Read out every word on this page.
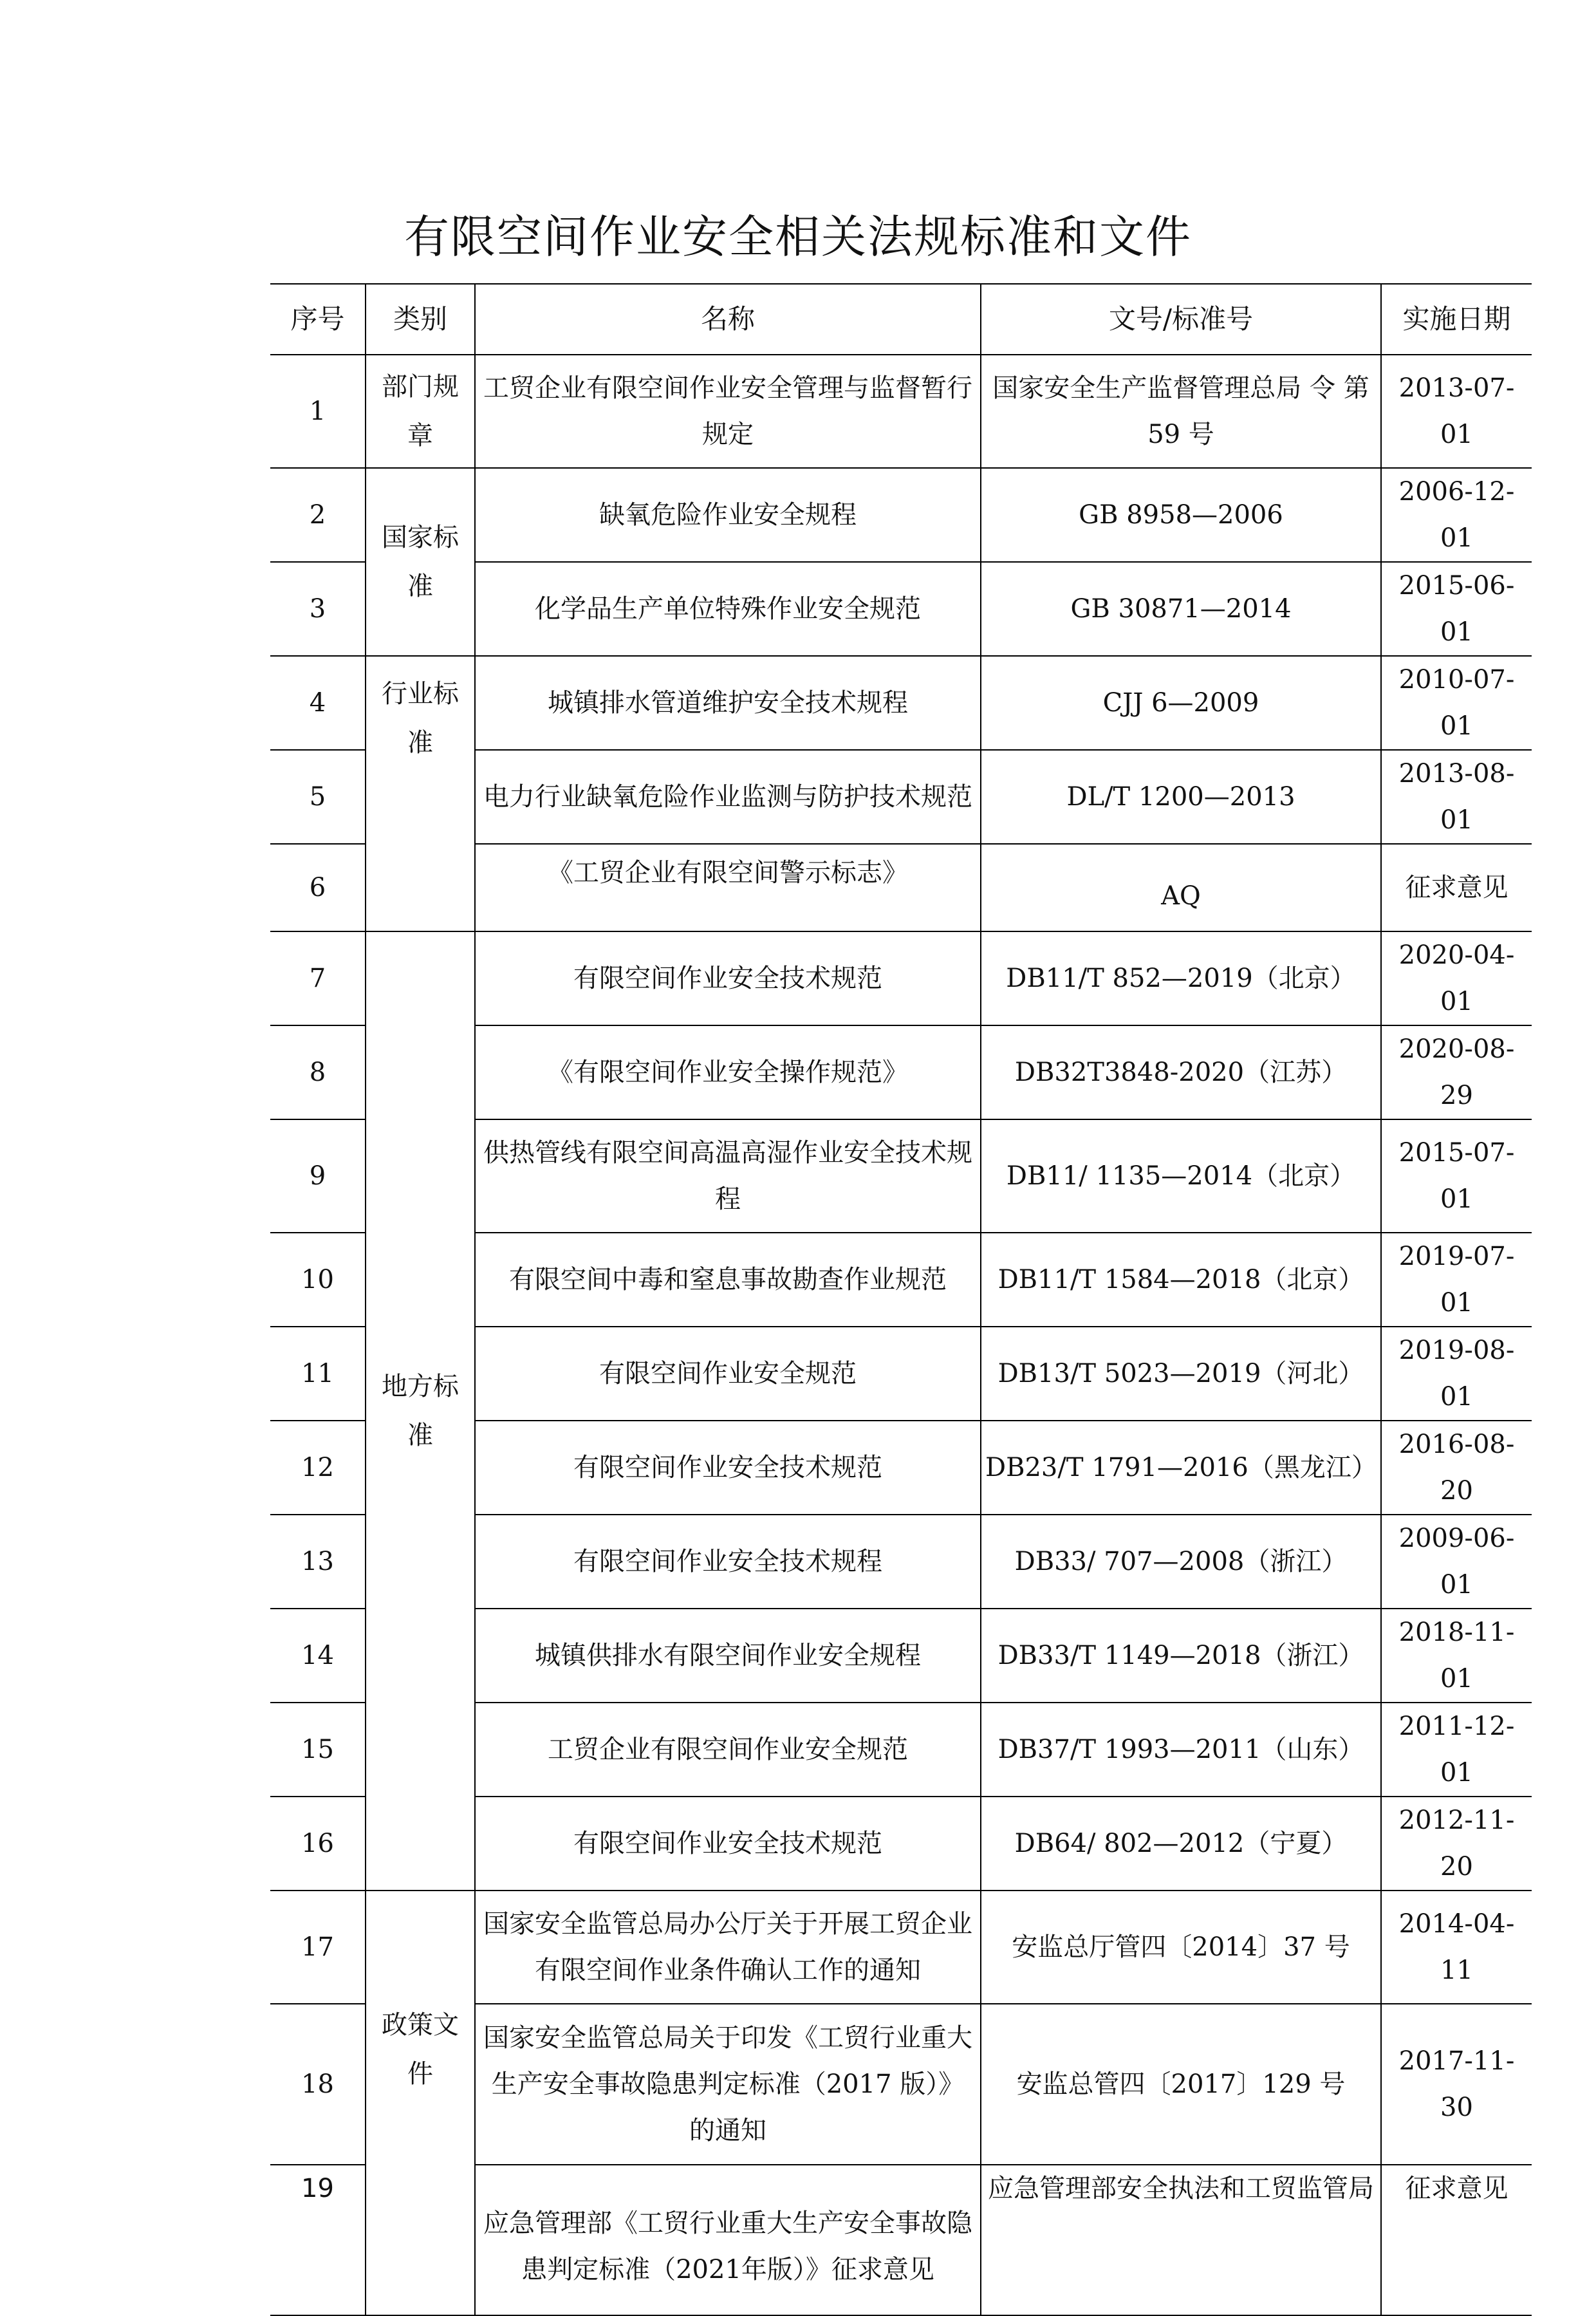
有限空间作业安全相关法规标准和文件
序号	类别	名称	文号/标准号	实施日期
1	部门规章	工贸企业有限空间作业安全管理与监督暂行规定	国家安全生产监督管理总局 令 第 59 号	2013-07-01
2	国家标准	缺氧危险作业安全规程	GB 8958—2006	2006-12-01
3		化学品生产单位特殊作业安全规范	GB 30871—2014	2015-06-01
4	行业标准	城镇排水管道维护安全技术规程	CJJ 6—2009	2010-07-01
5		电力行业缺氧危险作业监测与防护技术规范	DL/T 1200—2013	2013-08-01
6		《工贸企业有限空间警示标志》	AQ	征求意见
7	地方标准	有限空间作业安全技术规范	DB11/T 852—2019（北京）	2020-04-01
8		《有限空间作业安全操作规范》	DB32T3848-2020（江苏）	2020-08-29
9		供热管线有限空间高温高湿作业安全技术规程	DB11/ 1135—2014（北京）	2015-07-01
10		有限空间中毒和窒息事故勘查作业规范	DB11/T 1584—2018（北京）	2019-07-01
11		有限空间作业安全规范	DB13/T 5023—2019（河北）	2019-08-01
12		有限空间作业安全技术规范	DB23/T 1791—2016（黑龙江）	2016-08-20
13		有限空间作业安全技术规程	DB33/ 707—2008（浙江）	2009-06-01
14		城镇供排水有限空间作业安全规程	DB33/T 1149—2018（浙江）	2018-11-01
15		工贸企业有限空间作业安全规范	DB37/T 1993—2011（山东）	2011-12-01
16		有限空间作业安全技术规范	DB64/ 802—2012（宁夏）	2012-11-20
17	政策文件	国家安全监管总局办公厅关于开展工贸企业有限空间作业条件确认工作的通知	安监总厅管四〔2014〕37 号	2014-04-11
18		国家安全监管总局关于印发《工贸行业重大生产安全事故隐患判定标准（2017 版）》的通知	安监总管四〔2017〕129 号	2017-11-30
19		应急管理部《工贸行业重大生产安全事故隐患判定标准（2021年版）》征求意见	应急管理部安全执法和工贸监管局	征求意见
